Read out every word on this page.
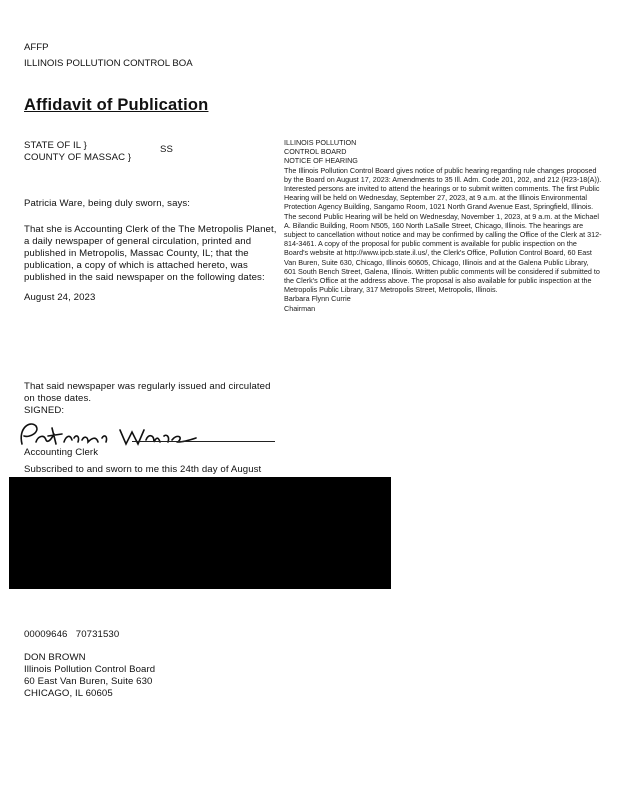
AFFP
ILLINOIS POLLUTION CONTROL BOA
Affidavit of Publication
STATE OF IL }
COUNTY OF MASSAC }
SS
Patricia Ware, being duly sworn, says:
That she is Accounting Clerk of the The Metropolis Planet,
a daily newspaper of general circulation, printed and
published in Metropolis, Massac County, IL; that the
publication, a copy of which is attached hereto, was
published in the said newspaper on the following dates:
August 24, 2023
ILLINOIS POLLUTION
CONTROL BOARD
NOTICE OF HEARING
The Illinois Pollution Control Board gives notice of public hearing regarding rule changes proposed by the Board on August 17, 2023: Amendments to 35 Ill. Adm. Code 201, 202, and 212 (R23-18(A)). Interested persons are invited to attend the hearings or to submit written comments. The first Public Hearing will be held on Wednesday, September 27, 2023, at 9 a.m. at the Illinois Environmental Protection Agency Building, Sangamo Room, 1021 North Grand Avenue East, Springfield, Illinois. The second Public Hearing will be held on Wednesday, November 1, 2023, at 9 a.m. at the Michael A. Bilandic Building, Room N505, 160 North LaSalle Street, Chicago, Illinois. The hearings are subject to cancellation without notice and may be confirmed by calling the Office of the Clerk at 312-814-3461. A copy of the proposal for public comment is available for public inspection on the Board's website at http://www.ipcb.state.il.us/, the Clerk's Office, Pollution Control Board, 60 East Van Buren, Suite 630, Chicago, Illinois 60605, Chicago, Illinois and at the Galena Public Library, 601 South Bench Street, Galena, Illinois. Written public comments will be considered if submitted to the Clerk's Office at the address above. The proposal is also available for public inspection at the Metropolis Public Library, 317 Metropolis Street, Metropolis, Illinois.
Barbara Flynn Currie
Chairman
That said newspaper was regularly issued and circulated
on those dates.
SIGNED:
Accounting Clerk
Subscribed to and sworn to me this 24th day of August
00009646   70731530
DON BROWN
Illinois Pollution Control Board
60 East Van Buren, Suite 630
CHICAGO, IL 60605
